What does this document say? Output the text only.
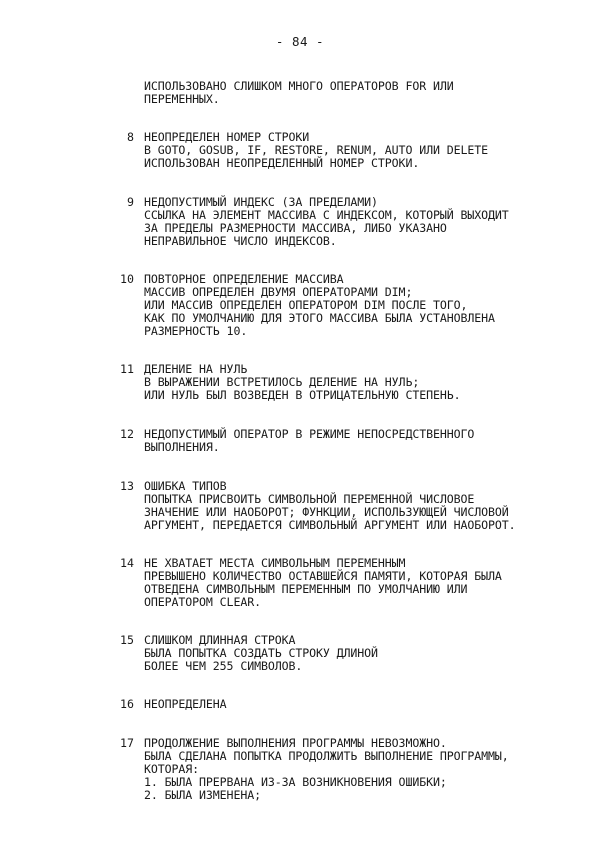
- 84 -
ИСПОЛЬЗОВАНО СЛИШКОМ МНОГО ОПЕРАТОРОВ FOR ИЛИ
ПЕРЕМЕННЫХ.
8 НЕОПРЕДЕЛЕН НОМЕР СТРОКИ
В GOTO, GOSUB, IF, RESTORE, RENUM, AUTO ИЛИ DELETE
ИСПОЛЬЗОВАН НЕОПРЕДЕЛЕННЫЙ НОМЕР СТРОКИ.
9 НЕДОПУСТИМЫЙ ИНДЕКС (ЗА ПРЕДЕЛАМИ)
ССЫЛКА НА ЭЛЕМЕНТ МАССИВА С ИНДЕКСОМ, КОТОРЫЙ ВЫХОДИТ
ЗА ПРЕДЕЛЫ РАЗМЕРНОСТИ МАССИВА, ЛИБО УКАЗАНО
НЕПРАВИЛЬНОЕ ЧИСЛО ИНДЕКСОВ.
10 ПОВТОРНОЕ ОПРЕДЕЛЕНИЕ МАССИВА
МАССИВ ОПРЕДЕЛЕН ДВУМЯ ОПЕРАТОРАМИ DIM;
ИЛИ МАССИВ ОПРЕДЕЛЕН ОПЕРАТОРОМ DIM ПОСЛЕ ТОГО,
КАК ПО УМОЛЧАНИЮ ДЛЯ ЭТОГО МАССИВА БЫЛА УСТАНОВЛЕНА
РАЗМЕРНОСТЬ 10.
11 ДЕЛЕНИЕ НА НУЛЬ
В ВЫРАЖЕНИИ ВСТРЕТИЛОСЬ ДЕЛЕНИЕ НА НУЛЬ;
ИЛИ НУЛЬ БЫЛ ВОЗВЕДЕН В ОТРИЦАТЕЛЬНУЮ СТЕПЕНЬ.
12 НЕДОПУСТИМЫЙ ОПЕРАТОР В РЕЖИМЕ НЕПОСРЕДСТВЕННОГО
ВЫПОЛНЕНИЯ.
13 ОШИБКА ТИПОВ
ПОПЫТКА ПРИСВОИТЬ СИМВОЛЬНОЙ ПЕРЕМЕННОЙ ЧИСЛОВОЕ
ЗНАЧЕНИЕ ИЛИ НАОБОРОТ; ФУНКЦИИ, ИСПОЛЬЗУЮЩЕЙ ЧИСЛОВОЙ
АРГУМЕНТ, ПЕРЕДАЕТСЯ СИМВОЛЬНЫЙ АРГУМЕНТ ИЛИ НАОБОРОТ.
14 НЕ ХВАТАЕТ МЕСТА СИМВОЛЬНЫМ ПЕРЕМЕННЫМ
ПРЕВЫШЕНО КОЛИЧЕСТВО ОСТАВШЕЙСЯ ПАМЯТИ, КОТОРАЯ БЫЛА
ОТВЕДЕНА СИМВОЛЬНЫМ ПЕРЕМЕННЫМ ПО УМОЛЧАНИЮ ИЛИ
ОПЕРАТОРОМ CLEAR.
15 СЛИШКОМ ДЛИННАЯ СТРОКА
БЫЛА ПОПЫТКА СОЗДАТЬ СТРОКУ ДЛИНОЙ
БОЛЕЕ ЧЕМ 255 СИМВОЛОВ.
16 НЕОПРЕДЕЛЕНА
17 ПРОДОЛЖЕНИЕ ВЫПОЛНЕНИЯ ПРОГРАММЫ НЕВОЗМОЖНО.
БЫЛА СДЕЛАНА ПОПЫТКА ПРОДОЛЖИТЬ ВЫПОЛНЕНИЕ ПРОГРАММЫ,
КОТОРАЯ:
1. БЫЛА ПРЕРВАНА ИЗ-ЗА ВОЗНИКНОВЕНИЯ ОШИБКИ;
2. БЫЛА ИЗМЕНЕНА;
